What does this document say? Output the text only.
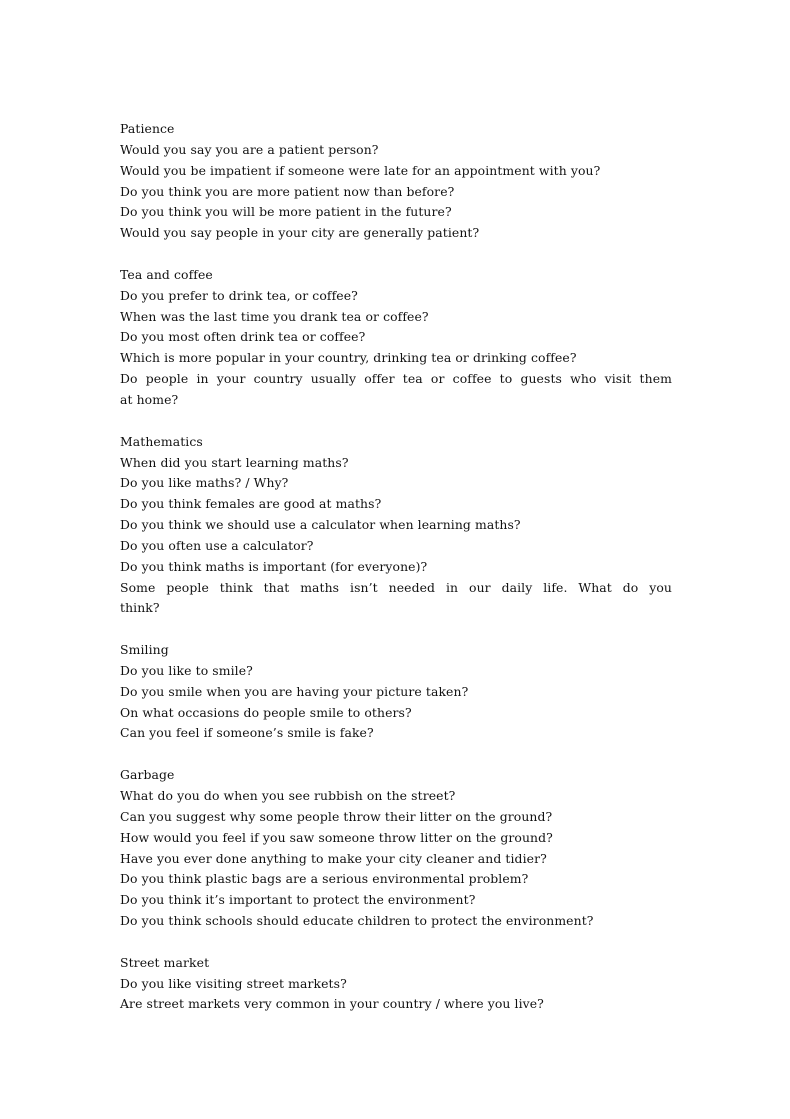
Patience
Would you say you are a patient person?
Would you be impatient if someone were late for an appointment with you?
Do you think you are more patient now than before?
Do you think you will be more patient in the future?
Would you say people in your city are generally patient?
Tea and coffee
Do you prefer to drink tea, or coffee?
When was the last time you drank tea or coffee?
Do you most often drink tea or coffee?
Which is more popular in your country, drinking tea or drinking coffee?
Do people in your country usually offer tea or coffee to guests who visit them
at home?
Mathematics
When did you start learning maths?
Do you like maths? / Why?
Do you think females are good at maths?
Do you think we should use a calculator when learning maths?
Do you often use a calculator?
Do you think maths is important (for everyone)?
Some people think that maths isn’t needed in our daily life. What do you
think?
Smiling
Do you like to smile?
Do you smile when you are having your picture taken?
On what occasions do people smile to others?
Can you feel if someone’s smile is fake?
Garbage
What do you do when you see rubbish on the street?
Can you suggest why some people throw their litter on the ground?
How would you feel if you saw someone throw litter on the ground?
Have you ever done anything to make your city cleaner and tidier?
Do you think plastic bags are a serious environmental problem?
Do you think it’s important to protect the environment?
Do you think schools should educate children to protect the environment?
Street market
Do you like visiting street markets?
Are street markets very common in your country / where you live?
